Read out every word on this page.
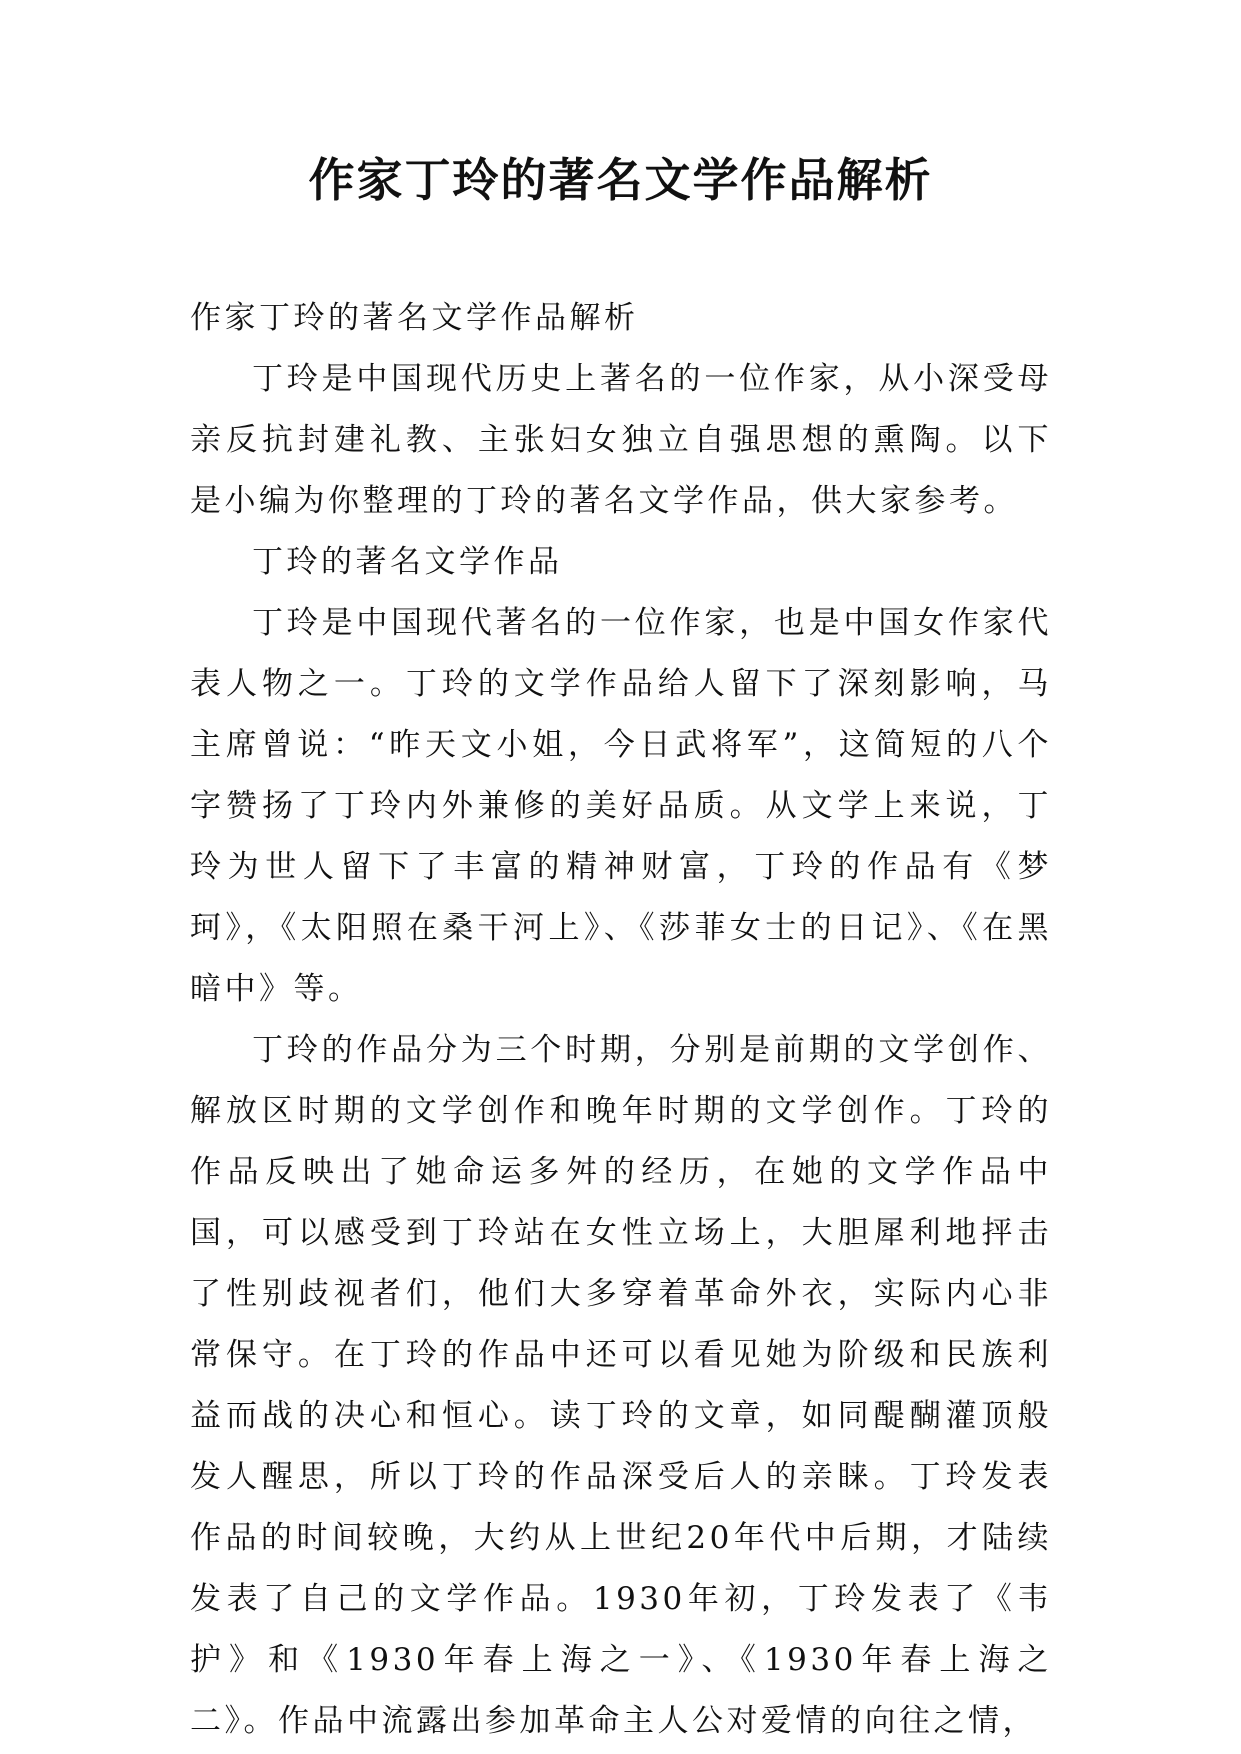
作家丁玲的著名文学作品解析

作家丁玲的著名文学作品解析

丁玲是中国现代历史上著名的一位作家，从小深受母亲反抗封建礼教、主张妇女独立自强思想的熏陶。以下是小编为你整理的丁玲的著名文学作品，供大家参考。

丁玲的著名文学作品

丁玲是中国现代著名的一位作家，也是中国女作家代表人物之一。丁玲的文学作品给人留下了深刻影响，马主席曾说：“昨天文小姐，今日武将军”，这简短的八个字赞扬了丁玲内外兼修的美好品质。从文学上来说，丁玲为世人留下了丰富的精神财富，丁玲的作品有《梦珂》，《太阳照在桑干河上》、《莎菲女士的日记》、《在黑暗中》等。

丁玲的作品分为三个时期，分别是前期的文学创作、解放区时期的文学创作和晚年时期的文学创作。丁玲的作品反映出了她命运多舛的经历，在她的文学作品中国，可以感受到丁玲站在女性立场上，大胆犀利地抨击了性别歧视者们，他们大多穿着革命外衣，实际内心非常保守。在丁玲的作品中还可以看见她为阶级和民族利益而战的决心和恒心。读丁玲的文章，如同醍醐灌顶般发人醒思，所以丁玲的作品深受后人的亲睐。丁玲发表作品的时间较晚，大约从上世纪20年代中后期，才陆续发表了自己的文学作品。1930年初，丁玲发表了《韦护》和《1930年春上海之一》、《1930年春上海之二》。作品中流露出参加革命主人公对爱情的向往之情，
